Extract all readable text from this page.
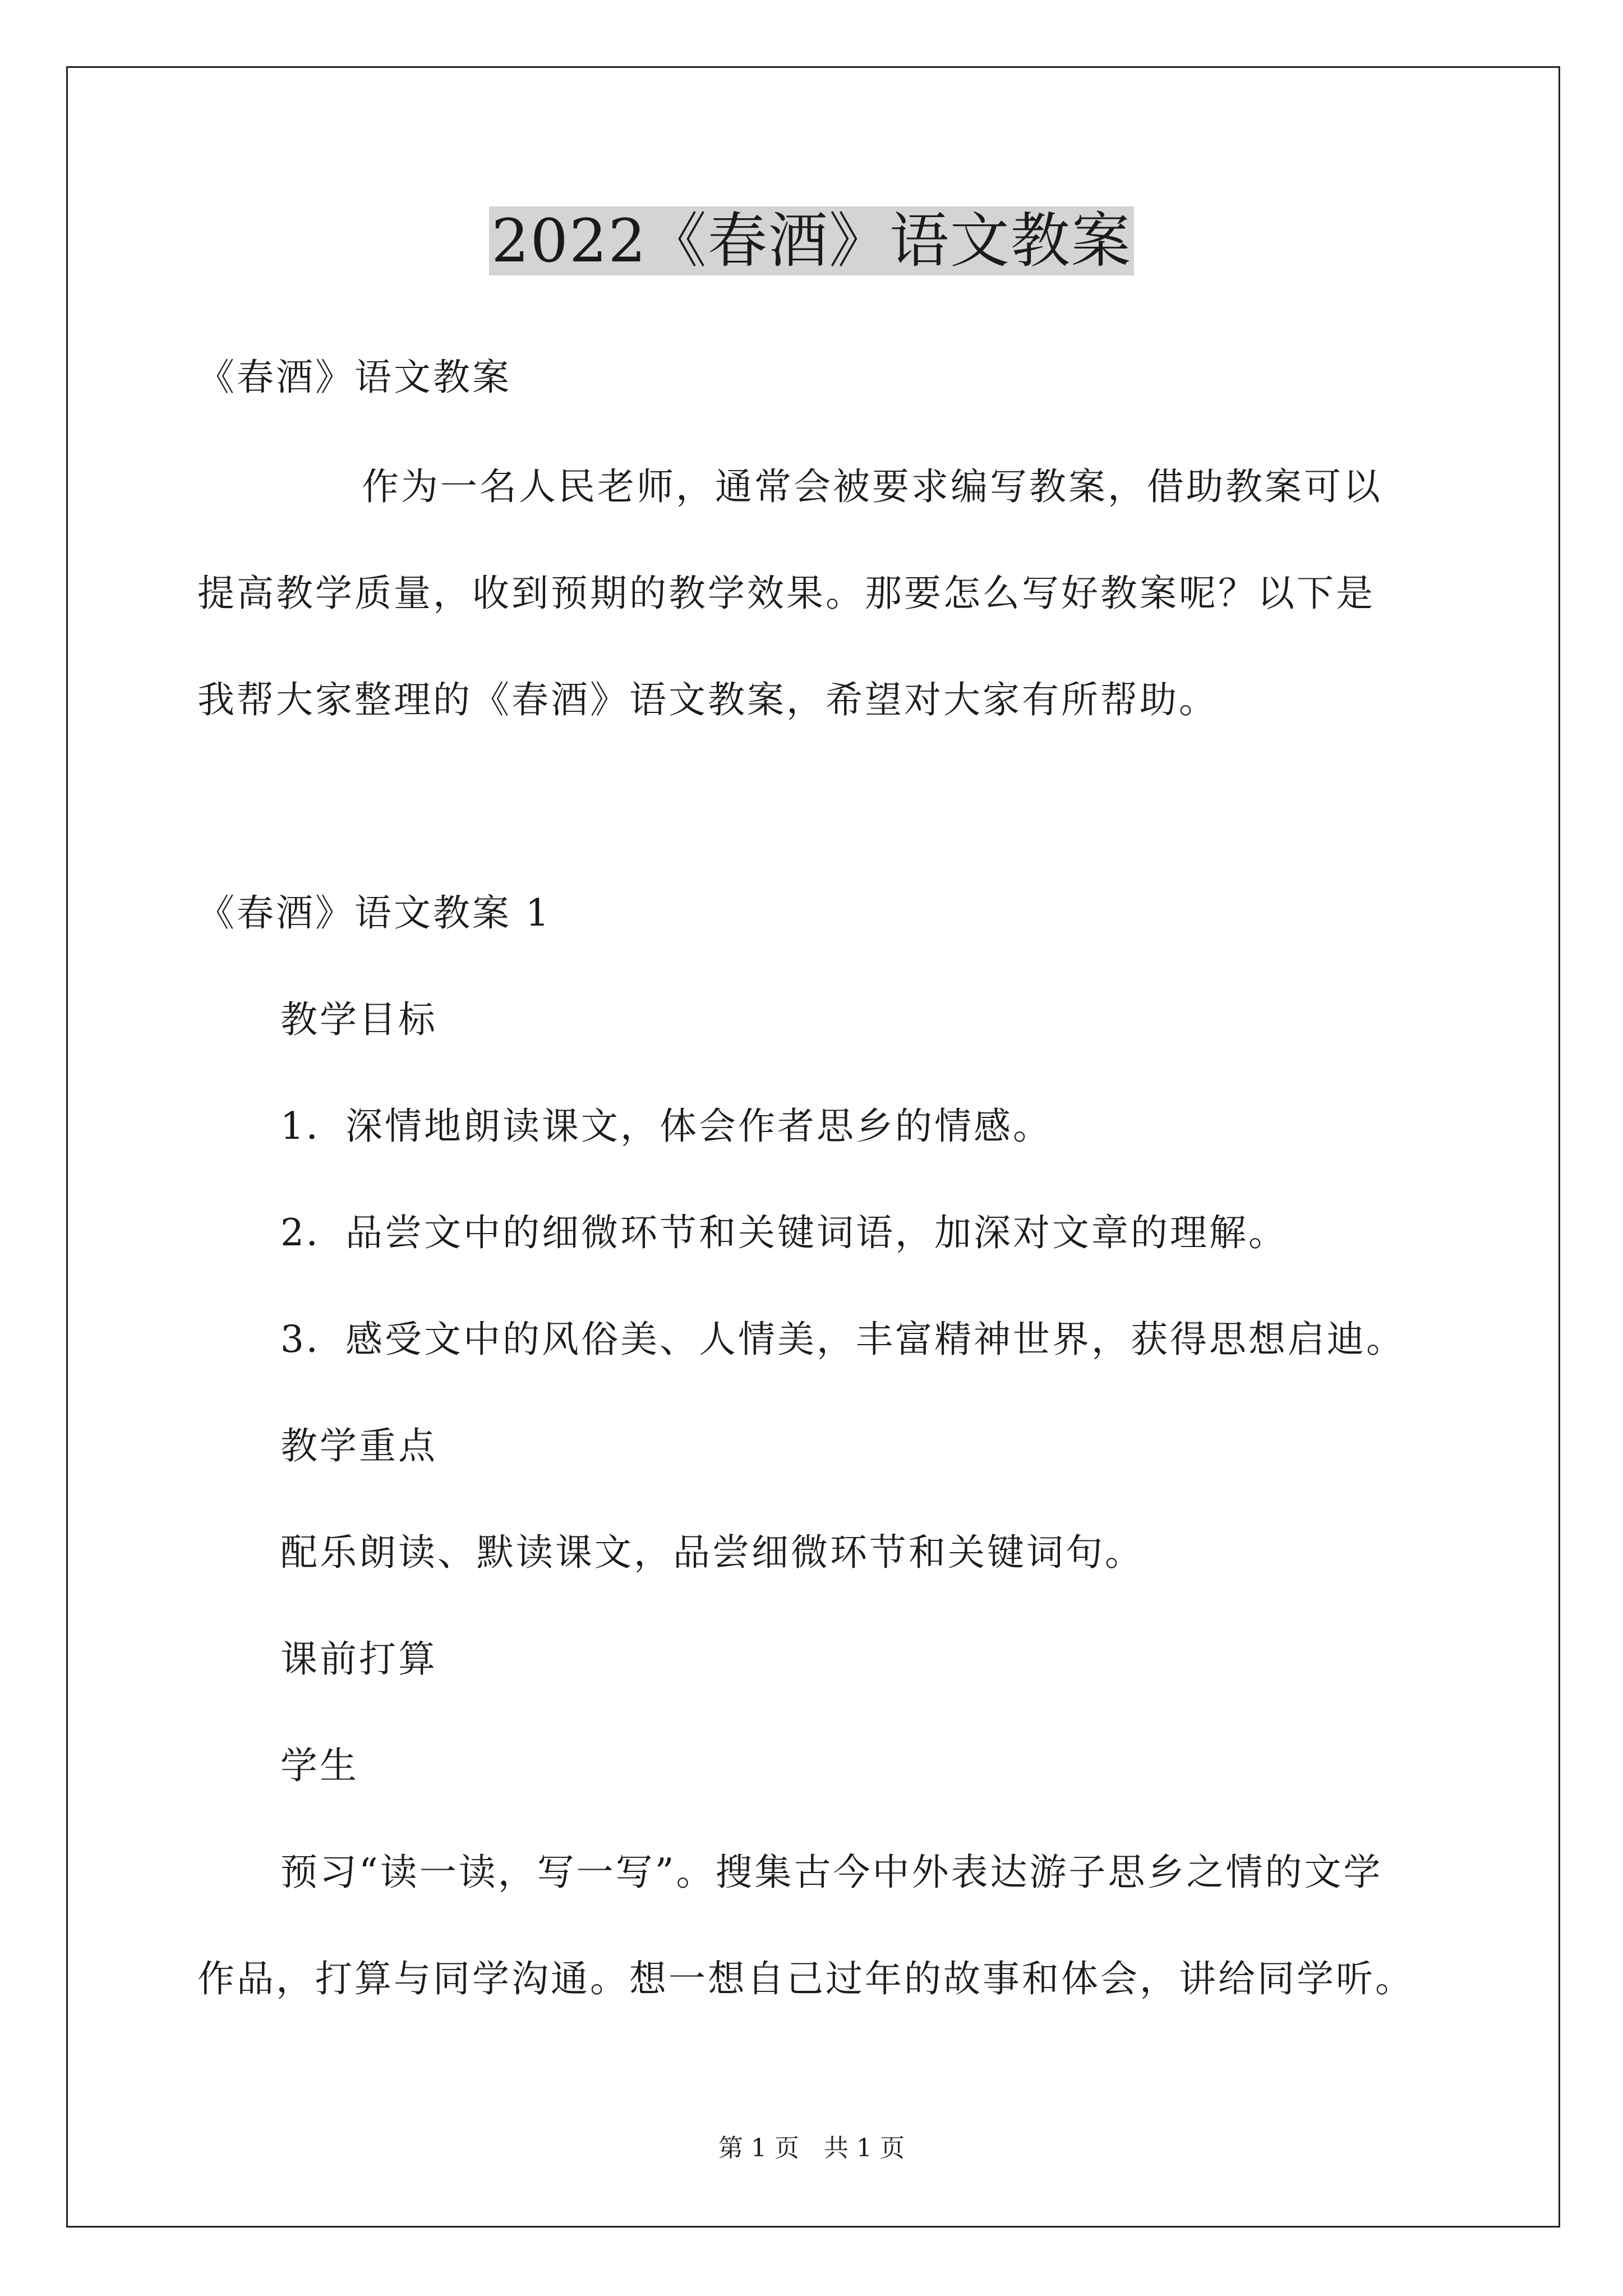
2022《春酒》语文教案
《春酒》语文教案
作为一名人民老师，通常会被要求编写教案，借助教案可以
提高教学质量，收到预期的教学效果。那要怎么写好教案呢？以下是
我帮大家整理的《春酒》语文教案，希望对大家有所帮助。
《春酒》语文教案 1
教学目标
1．深情地朗读课文，体会作者思乡的情感。
2．品尝文中的细微环节和关键词语，加深对文章的理解。
3．感受文中的风俗美、人情美，丰富精神世界，获得思想启迪。
教学重点
配乐朗读、默读课文，品尝细微环节和关键词句。
课前打算
学生
预习“读一读，写一写”。搜集古今中外表达游子思乡之情的文学
作品，打算与同学沟通。想一想自己过年的故事和体会，讲给同学听。
第 1 页　共 1 页
